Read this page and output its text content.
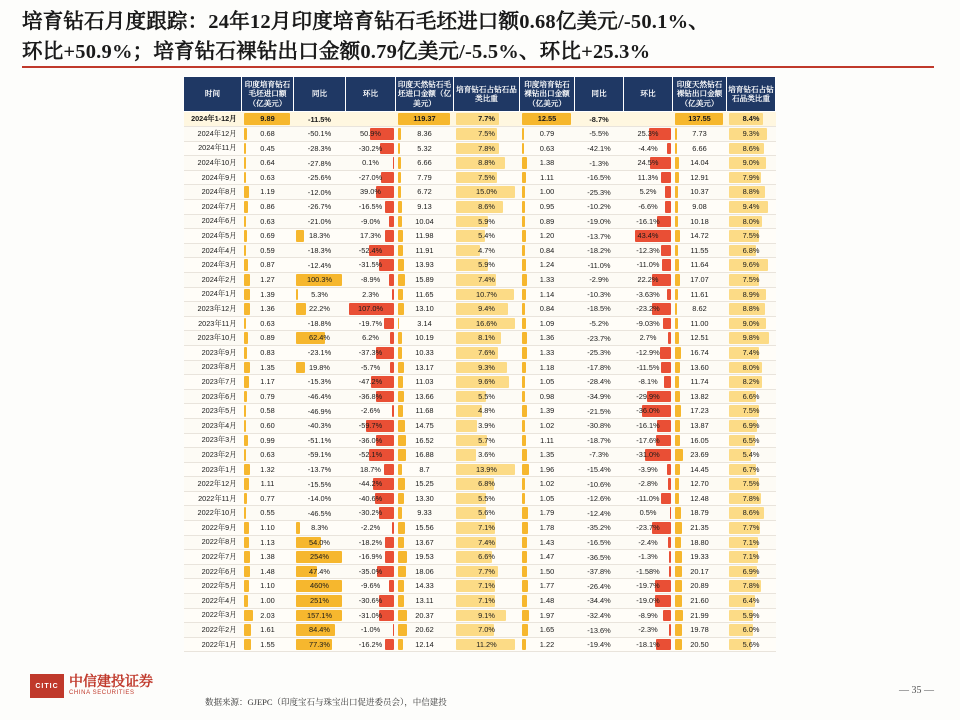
培育钻石月度跟踪：24年12月印度培育钻石毛坯进口额0.68亿美元/-50.1%、
环比+50.9%；培育钻石裸钻出口金额0.79亿美元/-5.5%、环比+25.3%
时间	印度培育钻石毛坯进口额（亿美元）	同比	环比	印度天然钻石毛坯进口金额（亿美元）	培育钻石占钻石品类比重	印度培育钻石裸钻出口金额（亿美元）	同比	环比	印度天然钻石裸钻出口金额（亿美元）	培育钻石占钻石品类比重
2024年1-12月	9.89	-11.5%		119.37	7.7%	12.55	-8.7%		137.55	8.4%

2024年12月	0.68	-50.1%	50.9%	8.36	7.5%	0.79	-5.5%	25.3%	7.73	9.3%

2024年11月	0.45	-28.3%	-30.2%	5.32	7.8%	0.63	-42.1%	-4.4%	6.66	8.6%

2024年10月	0.64	-27.8%	0.1%	6.66	8.8%	1.38	-1.3%	24.5%	14.04	9.0%

2024年9月	0.63	-25.6%	-27.0%	7.79	7.5%	1.11	-16.5%	11.3%	12.91	7.9%

2024年8月	1.19	-12.0%	39.0%	6.72	15.0%	1.00	-25.3%	5.2%	10.37	8.8%

2024年7月	0.86	-26.7%	-16.5%	9.13	8.6%	0.95	-10.2%	-6.6%	9.08	9.4%

2024年6月	0.63	-21.0%	-9.0%	10.04	5.9%	0.89	-19.0%	-16.1%	10.18	8.0%

2024年5月	0.69	18.3%	17.3%	11.98	5.4%	1.20	-13.7%	43.4%	14.72	7.5%

2024年4月	0.59	-18.3%	-52.4%	11.91	4.7%	0.84	-18.2%	-12.3%	11.55	6.8%

2024年3月	0.87	-12.4%	-31.5%	13.93	5.9%	1.24	-11.0%	-11.0%	11.64	9.6%

2024年2月	1.27	100.3%	-8.9%	15.89	7.4%	1.33	-2.9%	22.2%	17.07	7.5%

2024年1月	1.39	5.3%	2.3%	11.65	10.7%	1.14	-10.3%	-3.63%	11.61	8.9%

2023年12月	1.36	22.2%	107.0%	13.10	9.4%	0.84	-18.5%	-23.2%	8.62	8.8%

2023年11月	0.63	-18.8%	-19.7%	3.14	16.6%	1.09	-5.2%	-9.03%	11.00	9.0%

2023年10月	0.89	62.4%	6.2%	10.19	8.1%	1.36	-23.7%	2.7%	12.51	9.8%

2023年9月	0.83	-23.1%	-37.3%	10.33	7.6%	1.33	-25.3%	-12.9%	16.74	7.4%

2023年8月	1.35	19.8%	-5.7%	13.17	9.3%	1.18	-17.8%	-11.5%	13.60	8.0%

2023年7月	1.17	-15.3%	-47.2%	11.03	9.6%	1.05	-28.4%	-8.1%	11.74	8.2%

2023年6月	0.79	-46.4%	-36.8%	13.66	5.5%	0.98	-34.9%	-29.9%	13.82	6.6%

2023年5月	0.58	-46.9%	-2.6%	11.68	4.8%	1.39	-21.5%	-36.0%	17.23	7.5%

2023年4月	0.60	-40.3%	-59.7%	14.75	3.9%	1.02	-30.8%	-16.1%	13.87	6.9%

2023年3月	0.99	-51.1%	-36.0%	16.52	5.7%	1.11	-18.7%	-17.6%	16.05	6.5%

2023年2月	0.63	-59.1%	-52.1%	16.88	3.6%	1.35	-7.3%	-31.0%	23.69	5.4%

2023年1月	1.32	-13.7%	18.7%	8.7	13.9%	1.96	-15.4%	-3.9%	14.45	6.7%

2022年12月	1.11	-15.5%	-44.2%	15.25	6.8%	1.02	-10.6%	-2.8%	12.70	7.5%

2022年11月	0.77	-14.0%	-40.6%	13.30	5.5%	1.05	-12.6%	-11.0%	12.48	7.8%

2022年10月	0.55	-46.5%	-30.2%	9.33	5.6%	1.79	-12.4%	0.5%	18.79	8.6%

2022年9月	1.10	8.3%	-2.2%	15.56	7.1%	1.78	-35.2%	-23.7%	21.35	7.7%

2022年8月	1.13	54.0%	-18.2%	13.67	7.4%	1.43	-16.5%	-2.4%	18.80	7.1%

2022年7月	1.38	254%	-16.9%	19.53	6.6%	1.47	-36.5%	-1.3%	19.33	7.1%

2022年6月	1.48	47.4%	-35.0%	18.06	7.7%	1.50	-37.8%	-1.58%	20.17	6.9%

2022年5月	1.10	460%	-9.6%	14.33	7.1%	1.77	-26.4%	-19.7%	20.89	7.8%

2022年4月	1.00	251%	-30.6%	13.11	7.1%	1.48	-34.4%	-19.0%	21.60	6.4%

2022年3月	2.03	157.1%	-31.0%	20.37	9.1%	1.97	-32.4%	-8.9%	21.99	5.9%

2022年2月	1.61	84.4%	-1.0%	20.62	7.0%	1.65	-13.6%	-2.3%	19.78	6.0%

2022年1月	1.55	77.3%	-16.2%	12.14	11.2%	1.22	-19.4%	-18.1%	20.50	5.6%
数据来源：GJEPC（印度宝石与珠宝出口促进委员会），中信建投
CITIC 中信建投证券
CHINA SECURITIES	— 35 —
